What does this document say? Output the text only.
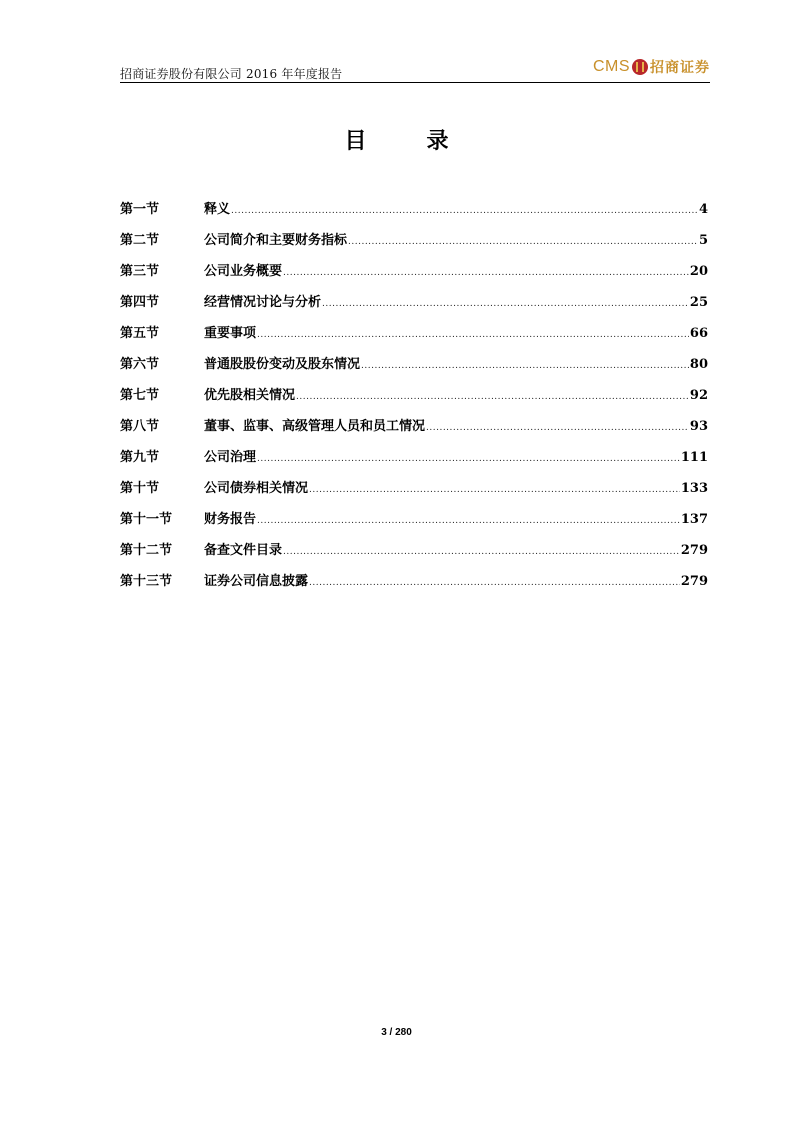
招商证券股份有限公司 2016 年年度报告	CMS 招商证券
目录
第一节	释义 .....	4
第二节	公司简介和主要财务指标 .....	5
第三节	公司业务概要 .....	20
第四节	经营情况讨论与分析 .....	25
第五节	重要事项 .....	66
第六节	普通股股份变动及股东情况 .....	80
第七节	优先股相关情况 .....	92
第八节	董事、监事、高级管理人员和员工情况 .....	93
第九节	公司治理 .....	111
第十节	公司债券相关情况 .....	133
第十一节	财务报告 .....	137
第十二节	备查文件目录 .....	279
第十三节	证券公司信息披露 .....	279
3 / 280
